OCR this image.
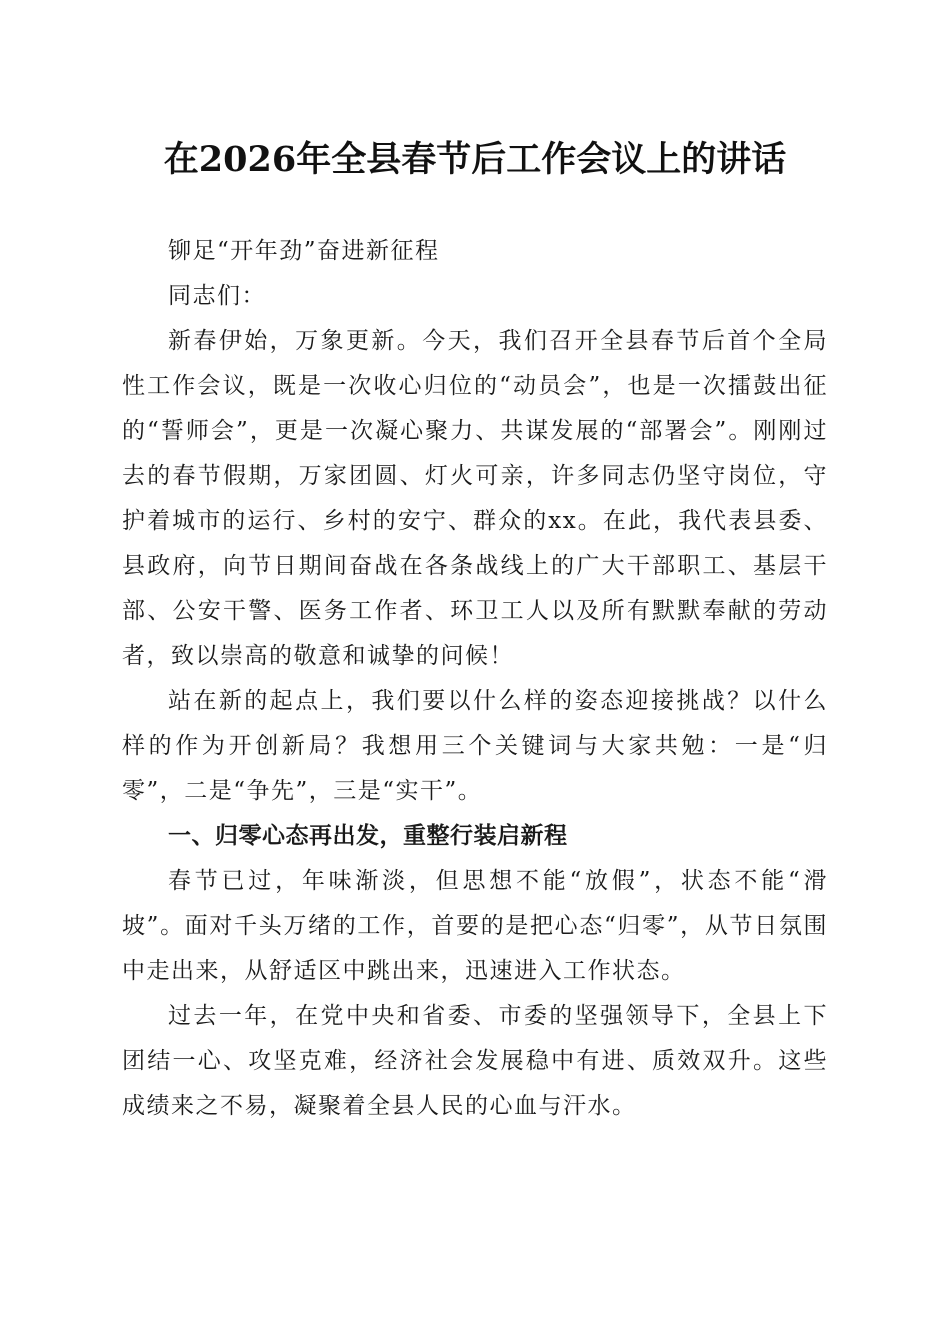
在2026年全县春节后工作会议上的讲话

铆足“开年劲”奋进新征程

同志们：

新春伊始，万象更新。今天，我们召开全县春节后首个全局性工作会议，既是一次收心归位的“动员会”，也是一次擂鼓出征的“誓师会”，更是一次凝心聚力、共谋发展的“部署会”。刚刚过去的春节假期，万家团圆、灯火可亲，许多同志仍坚守岗位，守护着城市的运行、乡村的安宁、群众的xx。在此，我代表县委、县政府，向节日期间奋战在各条战线上的广大干部职工、基层干部、公安干警、医务工作者、环卫工人以及所有默默奉献的劳动者，致以崇高的敬意和诚挚的问候！

站在新的起点上，我们要以什么样的姿态迎接挑战？以什么样的作为开创新局？我想用三个关键词与大家共勉：一是“归零”，二是“争先”，三是“实干”。

一、归零心态再出发，重整行装启新程

春节已过，年味渐淡，但思想不能“放假”，状态不能“滑坡”。面对千头万绪的工作，首要的是把心态“归零”，从节日氛围中走出来，从舒适区中跳出来，迅速进入工作状态。

过去一年，在党中央和省委、市委的坚强领导下，全县上下团结一心、攻坚克难，经济社会发展稳中有进、质效双升。这些成绩来之不易，凝聚着全县人民的心血与汗水。
